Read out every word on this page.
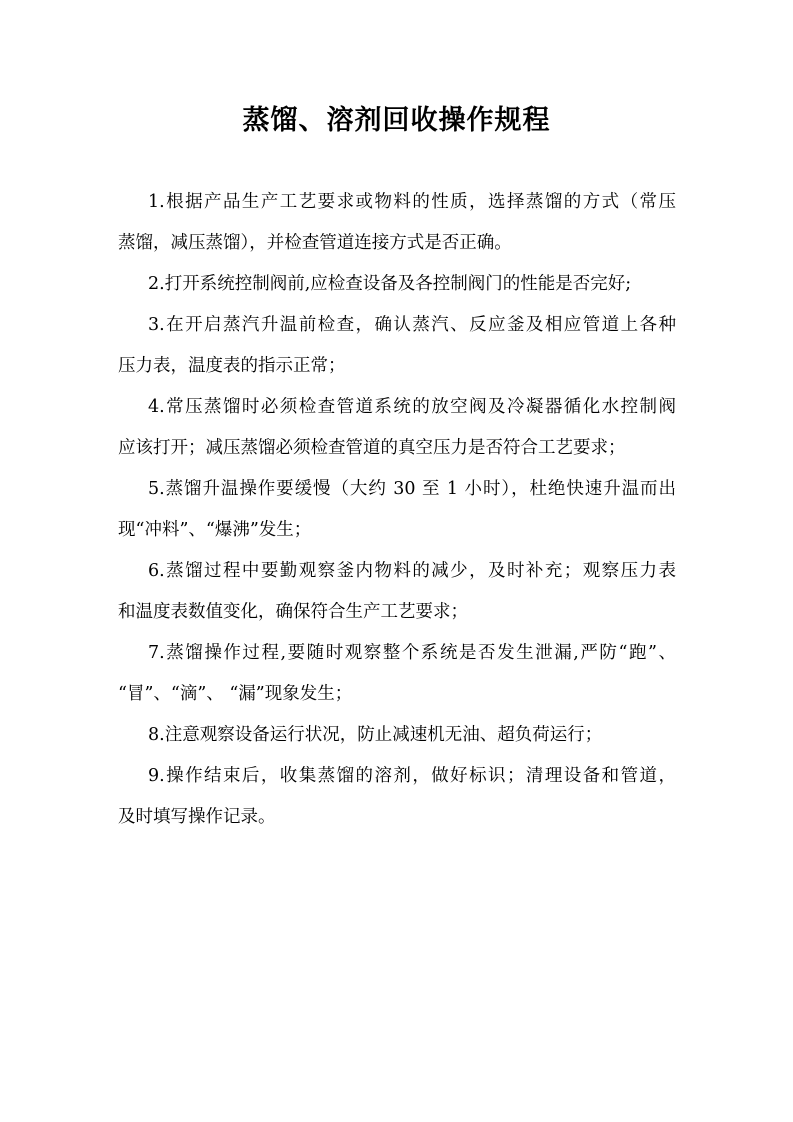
蒸馏、溶剂回收操作规程
1.根据产品生产工艺要求或物料的性质，选择蒸馏的方式（常压
蒸馏，减压蒸馏），并检查管道连接方式是否正确。
2.打开系统控制阀前,应检查设备及各控制阀门的性能是否完好;
3.在开启蒸汽升温前检查，确认蒸汽、反应釜及相应管道上各种
压力表，温度表的指示正常；
4.常压蒸馏时必须检查管道系统的放空阀及冷凝器循化水控制阀
应该打开；减压蒸馏必须检查管道的真空压力是否符合工艺要求；
5.蒸馏升温操作要缓慢（大约 30 至 1 小时），杜绝快速升温而出
现“冲料”、“爆沸”发生；
6.蒸馏过程中要勤观察釜内物料的减少，及时补充；观察压力表
和温度表数值变化，确保符合生产工艺要求；
7.蒸馏操作过程,要随时观察整个系统是否发生泄漏,严防“跑”、
“冒”、“滴”、 “漏”现象发生；
8.注意观察设备运行状况，防止减速机无油、超负荷运行；
9.操作结束后，收集蒸馏的溶剂，做好标识；清理设备和管道，
及时填写操作记录。
